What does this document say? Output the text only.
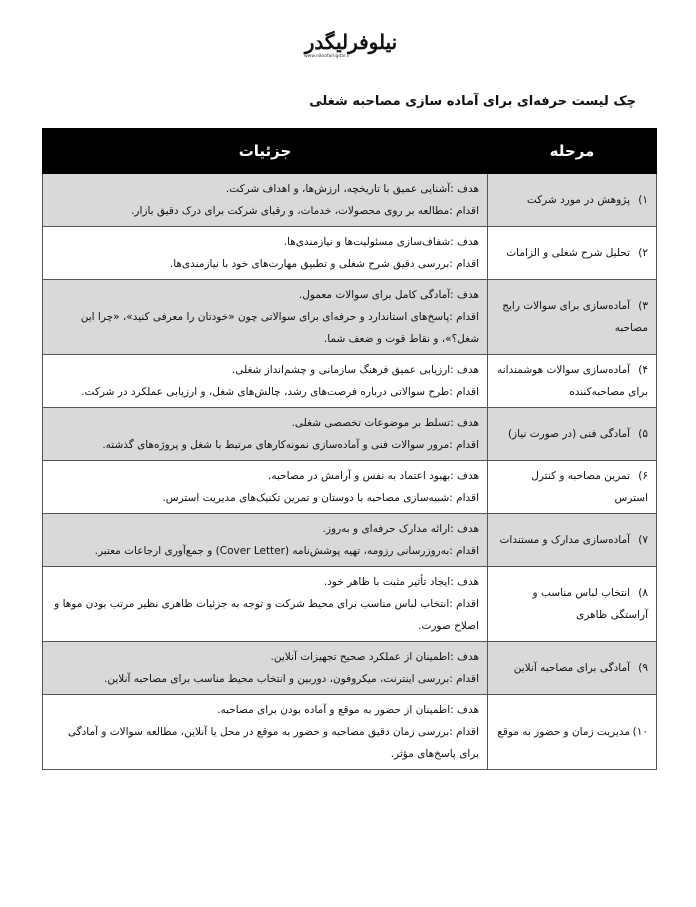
نیلوفرلیگدر
www.niloofarligdar.ir
چک لیست حرفه‌ای برای آماده سازی مصاحبه شغلی
مرحله	جزئیات
۱)پژوهش در مورد شرکت	هدف :آشنایی عمیق با تاریخچه، ارزش‌ها، و اهداف شرکت.
اقدام :مطالعه بر روی محصولات، خدمات، و رقبای شرکت برای درک دقیق بازار.

۲)تحلیل شرح شغلی و الزامات	هدف :شفاف‌سازی مسئولیت‌ها و نیازمندی‌ها.
اقدام :بررسی دقیق شرح شغلی و تطبیق مهارت‌های خود با نیازمندی‌ها.

۳)آماده‌سازی برای سوالات رایج مصاحبه	هدف :آمادگی کامل برای سوالات معمول.
اقدام :پاسخ‌های استاندارد و حرفه‌ای برای سوالاتی چون «خودتان را معرفی کنید»، «چرا این شغل؟»، و نقاط قوت و ضعف شما.

۴)آماده‌سازی سوالات هوشمندانه برای مصاحبه‌کننده	هدف :ارزیابی عمیق فرهنگ سازمانی و چشم‌انداز شغلی.
اقدام :طرح سوالاتی درباره فرصت‌های رشد، چالش‌های شغل، و ارزیابی عملکرد در شرکت.

۵)آمادگی فنی (در صورت نیاز)	هدف :تسلط بر موضوعات تخصصی شغلی.
اقدام :مرور سوالات فنی و آماده‌سازی نمونه‌کارهای مرتبط با شغل و پروژه‌های گذشته.

۶)تمرین مصاحبه و کنترل استرس	هدف :بهبود اعتماد به نفس و آرامش در مصاحبه.
اقدام :شبیه‌سازی مصاحبه با دوستان و تمرین تکنیک‌های مدیریت استرس.

۷)آماده‌سازی مدارک و مستندات	هدف :ارائه مدارک حرفه‌ای و به‌روز.
اقدام :به‌روزرسانی رزومه، تهیه پوشش‌نامه (Cover Letter) و جمع‌آوری ارجاعات معتبر.

۸)انتخاب لباس مناسب و آراستگی ظاهری	هدف :ایجاد تأثیر مثبت با ظاهر خود.
اقدام :انتخاب لباس مناسب برای محیط شرکت و توجه به جزئیات ظاهری نظیر مرتب بودن موها و اصلاح صورت.

۹)آمادگی برای مصاحبه آنلاین	هدف :اطمینان از عملکرد صحیح تجهیزات آنلاین.
اقدام :بررسی اینترنت، میکروفون، دوربین و انتخاب محیط مناسب برای مصاحبه آنلاین.

۱۰)مدیریت زمان و حضور به موقع	هدف :اطمینان از حضور به موقع و آماده بودن برای مصاحبه.
اقدام :بررسی زمان دقیق مصاحبه و حضور به موقع در محل یا آنلاین، مطالعه سوالات و آمادگی برای پاسخ‌های مؤثر.
